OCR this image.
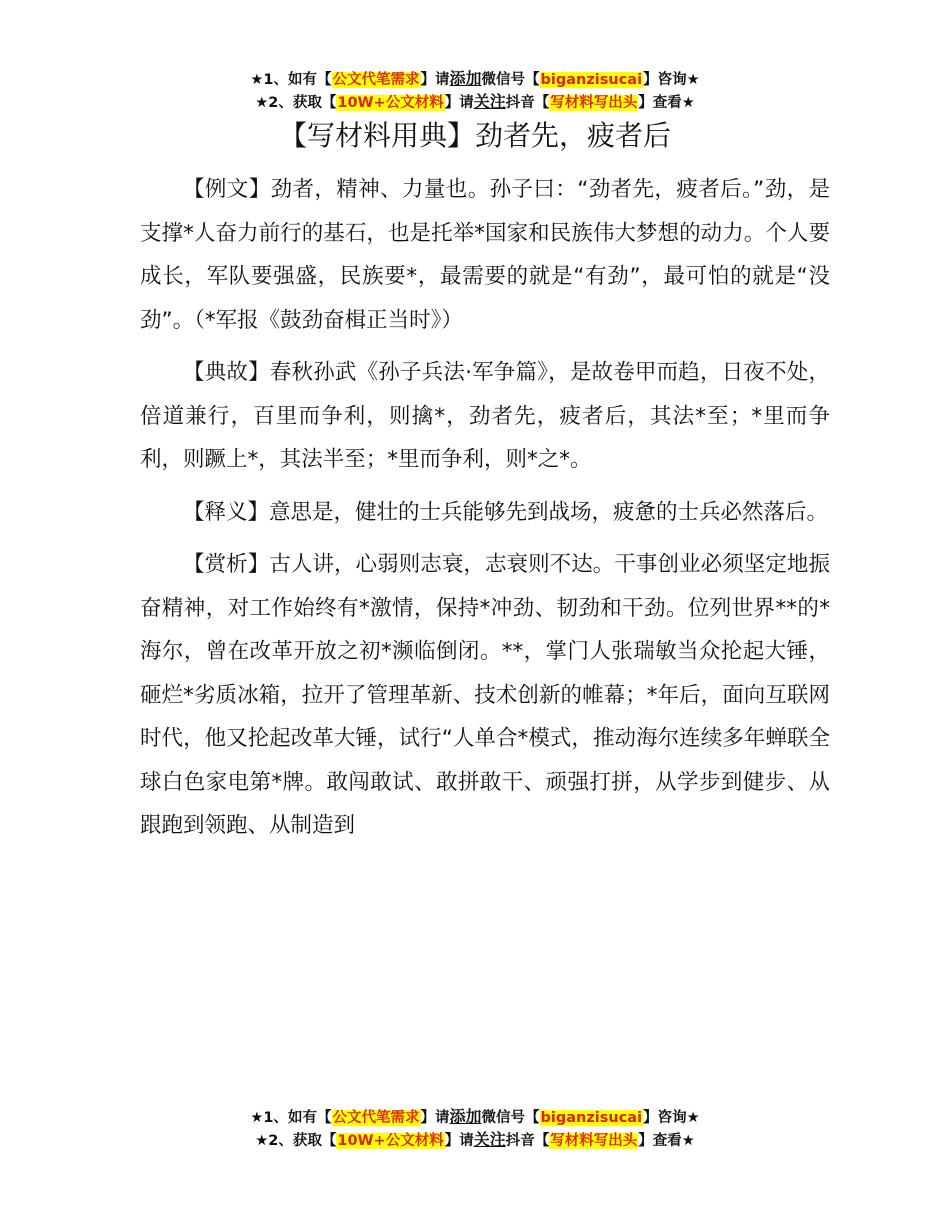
★1、如有【公文代笔需求】请添加微信号【biganzisucai】咨询★
★2、获取【10W+公文材料】请关注抖音【写材料写出头】查看★
【写材料用典】劲者先，疲者后

【例文】劲者，精神、力量也。孙子曰：“劲者先，疲者后。”劲，是支撑*人奋力前行的基石，也是托举*国家和民族伟大梦想的动力。个人要成长，军队要强盛，民族要*，最需要的就是“有劲”，最可怕的就是“没劲”。（*军报《鼓劲奋楫正当时》）

【典故】春秋孙武《孙子兵法·军争篇》，是故卷甲而趋，日夜不处，倍道兼行，百里而争利，则擒*，劲者先，疲者后，其法*至；*里而争利，则蹶上*，其法半至；*里而争利，则*之*。

【释义】意思是，健壮的士兵能够先到战场，疲惫的士兵必然落后。

【赏析】古人讲，心弱则志衰，志衰则不达。干事创业必须坚定地振奋精神，对工作始终有*激情，保持*冲劲、韧劲和干劲。位列世界**的*海尔，曾在改革开放之初*濒临倒闭。**，掌门人张瑞敏当众抡起大锤，砸烂*劣质冰箱，拉开了管理革新、技术创新的帷幕；*年后，面向互联网时代，他又抡起改革大锤，试行“人单合*模式，推动海尔连续多年蝉联全球白色家电第*牌。敢闯敢试、敢拼敢干、顽强打拼，从学步到健步、从跟跑到领跑、从制造到

★1、如有【公文代笔需求】请添加微信号【biganzisucai】咨询★
★2、获取【10W+公文材料】请关注抖音【写材料写出头】查看★
